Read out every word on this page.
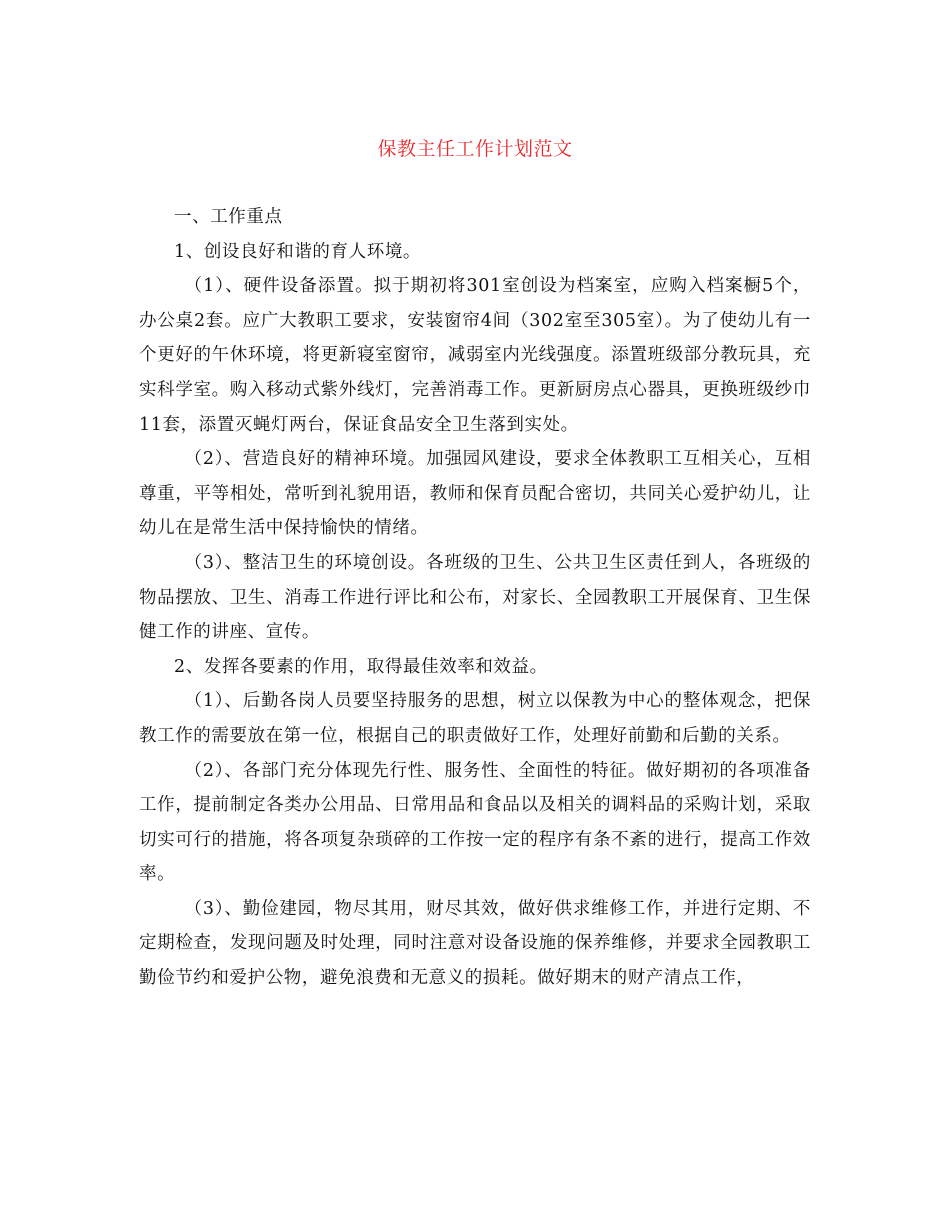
保教主任工作计划范文

一、工作重点

1、创设良好和谐的育人环境。

（1）、硬件设备添置。拟于期初将301室创设为档案室，应购入档案橱5个，办公桌2套。应广大教职工要求，安装窗帘4间（302室至305室）。为了使幼儿有一个更好的午休环境，将更新寝室窗帘，减弱室内光线强度。添置班级部分教玩具，充实科学室。购入移动式紫外线灯，完善消毒工作。更新厨房点心器具，更换班级纱巾11套，添置灭蝇灯两台，保证食品安全卫生落到实处。

（2）、营造良好的精神环境。加强园风建设，要求全体教职工互相关心，互相尊重，平等相处，常听到礼貌用语，教师和保育员配合密切，共同关心爱护幼儿，让幼儿在是常生活中保持愉快的情绪。

（3）、整洁卫生的环境创设。各班级的卫生、公共卫生区责任到人，各班级的物品摆放、卫生、消毒工作进行评比和公布，对家长、全园教职工开展保育、卫生保健工作的讲座、宣传。

2、发挥各要素的作用，取得最佳效率和效益。

（1）、后勤各岗人员要坚持服务的思想，树立以保教为中心的整体观念，把保教工作的需要放在第一位，根据自己的职责做好工作，处理好前勤和后勤的关系。

（2）、各部门充分体现先行性、服务性、全面性的特征。做好期初的各项准备工作，提前制定各类办公用品、日常用品和食品以及相关的调料品的采购计划，采取切实可行的措施，将各项复杂琐碎的工作按一定的程序有条不紊的进行，提高工作效率。

（3）、勤俭建园，物尽其用，财尽其效，做好供求维修工作，并进行定期、不定期检查，发现问题及时处理，同时注意对设备设施的保养维修，并要求全园教职工勤俭节约和爱护公物，避免浪费和无意义的损耗。做好期末的财产清点工作，
